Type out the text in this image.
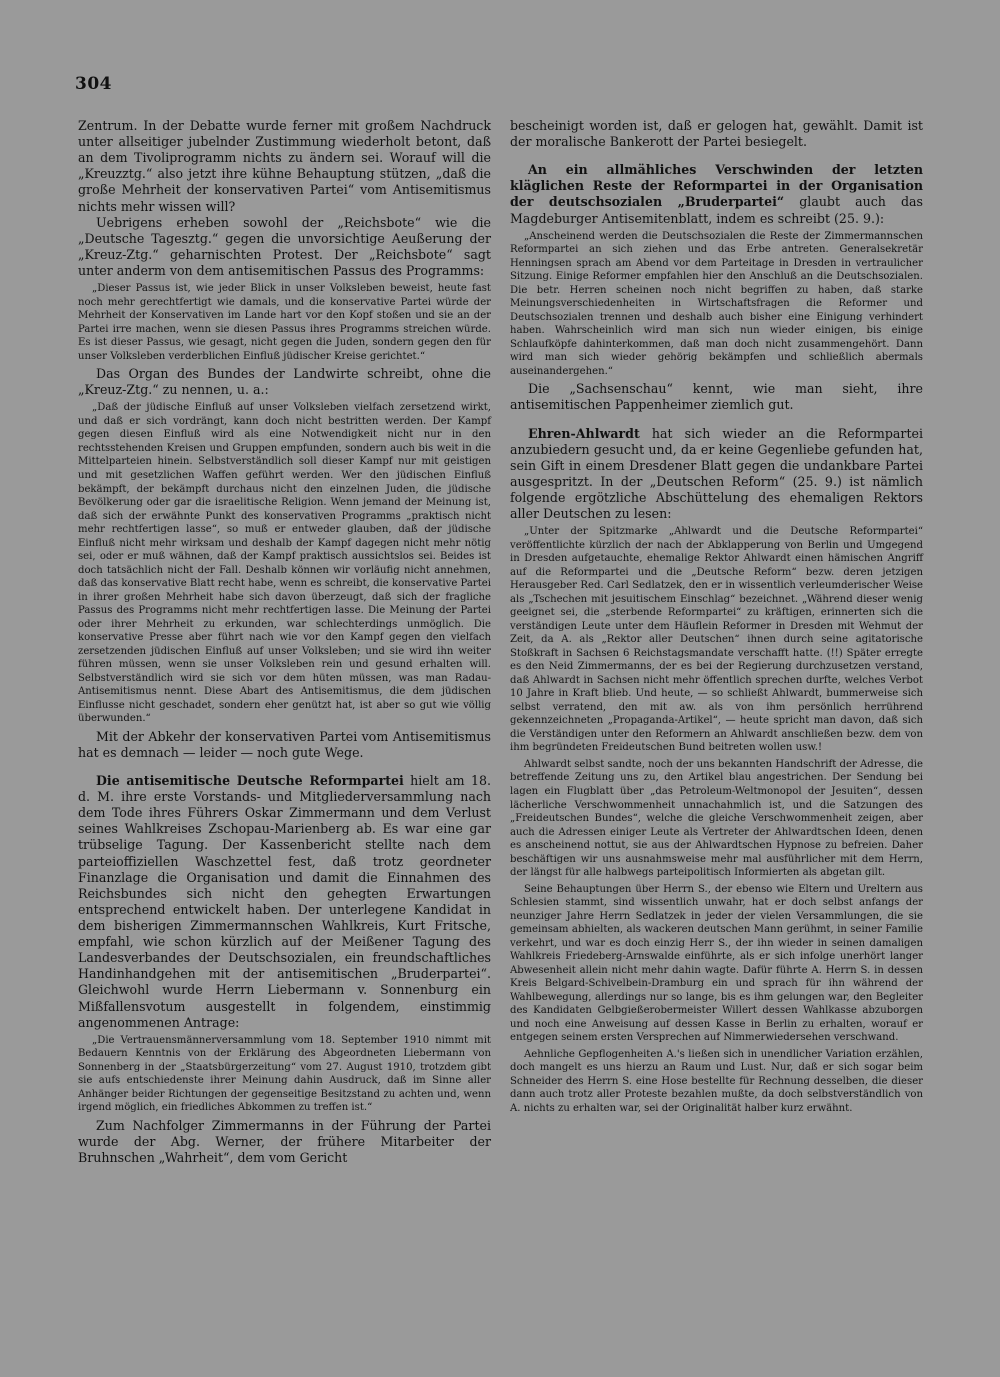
304

Zentrum. In der Debatte wurde ferner mit großem Nachdruck unter allseitiger jubelnder Zustimmung wiederholt betont, daß an dem Tivoliprogramm nichts zu ändern sei. Worauf will die „Kreuzztg.“ also jetzt ihre kühne Behauptung stützen, „daß die große Mehrheit der konservativen Partei“ vom Antisemitismus nichts mehr wissen will?

Uebrigens erheben sowohl der „Reichsbote“ wie die „Deutsche Tagesztg.“ gegen die unvorsichtige Aeußerung der „Kreuz-Ztg.“ geharnischten Protest. Der „Reichsbote“ sagt unter anderm von dem antisemitischen Passus des Programms:

„Dieser Passus ist, wie jeder Blick in unser Volksleben beweist, heute fast noch mehr gerechtfertigt wie damals, und die konservative Partei würde der Mehrheit der Konservativen im Lande hart vor den Kopf stoßen und sie an der Partei irre machen, wenn sie diesen Passus ihres Programms streichen würde. Es ist dieser Passus, wie gesagt, nicht gegen die Juden, sondern gegen den für unser Volksleben verderblichen Einfluß jüdischer Kreise gerichtet.“

Das Organ des Bundes der Landwirte schreibt, ohne die „Kreuz-Ztg.“ zu nennen, u. a.:

„Daß der jüdische Einfluß auf unser Volksleben vielfach zersetzend wirkt, und daß er sich vordrängt, kann doch nicht bestritten werden. Der Kampf gegen diesen Einfluß wird als eine Notwendigkeit nicht nur in den rechtsstehenden Kreisen und Gruppen empfunden, sondern auch bis weit in die Mittelparteien hinein. Selbstverständlich soll dieser Kampf nur mit geistigen und mit gesetzlichen Waffen geführt werden. Wer den jüdischen Einfluß bekämpft, der bekämpft durchaus nicht den einzelnen Juden, die jüdische Bevölkerung oder gar die israelitische Religion. Wenn jemand der Meinung ist, daß sich der erwähnte Punkt des konservativen Programms „praktisch nicht mehr rechtfertigen lasse“, so muß er entweder glauben, daß der jüdische Einfluß nicht mehr wirksam und deshalb der Kampf dagegen nicht mehr nötig sei, oder er muß wähnen, daß der Kampf praktisch aussichtslos sei. Beides ist doch tatsächlich nicht der Fall. Deshalb können wir vorläufig nicht annehmen, daß das konservative Blatt recht habe, wenn es schreibt, die konservative Partei in ihrer großen Mehrheit habe sich davon überzeugt, daß sich der fragliche Passus des Programms nicht mehr rechtfertigen lasse. Die Meinung der Partei oder ihrer Mehrheit zu erkunden, war schlechterdings unmöglich. Die konservative Presse aber führt nach wie vor den Kampf gegen den vielfach zersetzenden jüdischen Einfluß auf unser Volksleben; und sie wird ihn weiter führen müssen, wenn sie unser Volksleben rein und gesund erhalten will. Selbstverständlich wird sie sich vor dem hüten müssen, was man Radau-Antisemitismus nennt. Diese Abart des Antisemitismus, die dem jüdischen Einflusse nicht geschadet, sondern eher genützt hat, ist aber so gut wie völlig überwunden.“

Mit der Abkehr der konservativen Partei vom Antisemitismus hat es demnach — leider — noch gute Wege.

Die antisemitische Deutsche Reformpartei hielt am 18. d. M. ihre erste Vorstands- und Mitgliederversammlung nach dem Tode ihres Führers Oskar Zimmermann und dem Verlust seines Wahlkreises Zschopau-Marienberg ab. Es war eine gar trübselige Tagung. Der Kassenbericht stellte nach dem parteioffiziellen Waschzettel fest, daß trotz geordneter Finanzlage die Organisation und damit die Einnahmen des Reichsbundes sich nicht den gehegten Erwartungen entsprechend entwickelt haben. Der unterlegene Kandidat in dem bisherigen Zimmermannschen Wahlkreis, Kurt Fritsche, empfahl, wie schon kürzlich auf der Meißener Tagung des Landesverbandes der Deutschsozialen, ein freundschaftliches Handinhandgehen mit der antisemitischen „Bruderpartei“. Gleichwohl wurde Herrn Liebermann v. Sonnenburg ein Mißfallensvotum ausgestellt in folgendem, einstimmig angenommenen Antrage:

„Die Vertrauensmännerversammlung vom 18. September 1910 nimmt mit Bedauern Kenntnis von der Erklärung des Abgeordneten Liebermann von Sonnenberg in der „Staatsbürgerzeitung“ vom 27. August 1910, trotzdem gibt sie aufs entschiedenste ihrer Meinung dahin Ausdruck, daß im Sinne aller Anhänger beider Richtungen der gegenseitige Besitzstand zu achten und, wenn irgend möglich, ein friedliches Abkommen zu treffen ist.“

Zum Nachfolger Zimmermanns in der Führung der Partei wurde der Abg. Werner, der frühere Mitarbeiter der Bruhnschen „Wahrheit“, dem vom Gericht

bescheinigt worden ist, daß er gelogen hat, gewählt. Damit ist der moralische Bankerott der Partei besiegelt.

An ein allmähliches Verschwinden der letzten kläglichen Reste der Reformpartei in der Organisation der deutschsozialen „Bruderpartei“ glaubt auch das Magdeburger Antisemitenblatt, indem es schreibt (25. 9.):

„Anscheinend werden die Deutschsozialen die Reste der Zimmermannschen Reformpartei an sich ziehen und das Erbe antreten. Generalsekretär Henningsen sprach am Abend vor dem Parteitage in Dresden in vertraulicher Sitzung. Einige Reformer empfahlen hier den Anschluß an die Deutschsozialen. Die betr. Herren scheinen noch nicht begriffen zu haben, daß starke Meinungsverschiedenheiten in Wirtschaftsfragen die Reformer und Deutschsozialen trennen und deshalb auch bisher eine Einigung verhindert haben. Wahrscheinlich wird man sich nun wieder einigen, bis einige Schlaufköpfe dahinterkommen, daß man doch nicht zusammengehört. Dann wird man sich wieder gehörig bekämpfen und schließlich abermals auseinandergehen.“

Die „Sachsenschau“ kennt, wie man sieht, ihre antisemitischen Pappenheimer ziemlich gut.

Ehren-Ahlwardt hat sich wieder an die Reformpartei anzubiedern gesucht und, da er keine Gegenliebe gefunden hat, sein Gift in einem Dresdener Blatt gegen die undankbare Partei ausgespritzt. In der „Deutschen Reform“ (25. 9.) ist nämlich folgende ergötzliche Abschüttelung des ehemaligen Rektors aller Deutschen zu lesen:

„Unter der Spitzmarke „Ahlwardt und die Deutsche Reformpartei“ veröffentlichte kürzlich der nach der Abklapperung von Berlin und Umgegend in Dresden aufgetauchte, ehemalige Rektor Ahlwardt einen hämischen Angriff auf die Reformpartei und die „Deutsche Reform“ bezw. deren jetzigen Herausgeber Red. Carl Sedlatzek, den er in wissentlich verleumderischer Weise als „Tschechen mit jesuitischem Einschlag“ bezeichnet. „Während dieser wenig geeignet sei, die „sterbende Reformpartei“ zu kräftigen, erinnerten sich die verständigen Leute unter dem Häuflein Reformer in Dresden mit Wehmut der Zeit, da A. als „Rektor aller Deutschen“ ihnen durch seine agitatorische Stoßkraft in Sachsen 6 Reichstagsmandate verschafft hatte. (!!) Später erregte es den Neid Zimmermanns, der es bei der Regierung durchzusetzen verstand, daß Ahlwardt in Sachsen nicht mehr öffentlich sprechen durfte, welches Verbot 10 Jahre in Kraft blieb. Und heute, — so schließt Ahlwardt, bummerweise sich selbst verratend, den mit aw. als von ihm persönlich herrührend gekennzeichneten „Propaganda-Artikel“, — heute spricht man davon, daß sich die Verständigen unter den Reformern an Ahlwardt anschließen bezw. dem von ihm begründeten Freideutschen Bund beitreten wollen usw.!

Ahlwardt selbst sandte, noch der uns bekannten Handschrift der Adresse, die betreffende Zeitung uns zu, den Artikel blau angestrichen. Der Sendung bei lagen ein Flugblatt über „das Petroleum-Weltmonopol der Jesuiten“, dessen lächerliche Verschwommenheit unnachahmlich ist, und die Satzungen des „Freideutschen Bundes“, welche die gleiche Verschwommenheit zeigen, aber auch die Adressen einiger Leute als Vertreter der Ahlwardtschen Ideen, denen es anscheinend nottut, sie aus der Ahlwardtschen Hypnose zu befreien. Daher beschäftigen wir uns ausnahmsweise mehr mal ausführlicher mit dem Herrn, der längst für alle halbwegs parteipolitisch Informierten als abgetan gilt.

Seine Behauptungen über Herrn S., der ebenso wie Eltern und Ureltern aus Schlesien stammt, sind wissentlich unwahr, hat er doch selbst anfangs der neunziger Jahre Herrn Sedlatzek in jeder der vielen Versammlungen, die sie gemeinsam abhielten, als wackeren deutschen Mann gerühmt, in seiner Familie verkehrt, und war es doch einzig Herr S., der ihn wieder in seinen damaligen Wahlkreis Friedeberg-Arnswalde einführte, als er sich infolge unerhört langer Abwesenheit allein nicht mehr dahin wagte. Dafür führte A. Herrn S. in dessen Kreis Belgard-Schivelbein-Dramburg ein und sprach für ihn während der Wahlbewegung, allerdings nur so lange, bis es ihm gelungen war, den Begleiter des Kandidaten Gelbgießerobermeister Willert dessen Wahlkasse abzuborgen und noch eine Anweisung auf dessen Kasse in Berlin zu erhalten, worauf er entgegen seinem ersten Versprechen auf Nimmerwiedersehen verschwand.

Aehnliche Gepflogenheiten A.'s ließen sich in unendlicher Variation erzählen, doch mangelt es uns hierzu an Raum und Lust. Nur, daß er sich sogar beim Schneider des Herrn S. eine Hose bestellte für Rechnung desselben, die dieser dann auch trotz aller Proteste bezahlen mußte, da doch selbstverständlich von A. nichts zu erhalten war, sei der Originalität halber kurz erwähnt.
